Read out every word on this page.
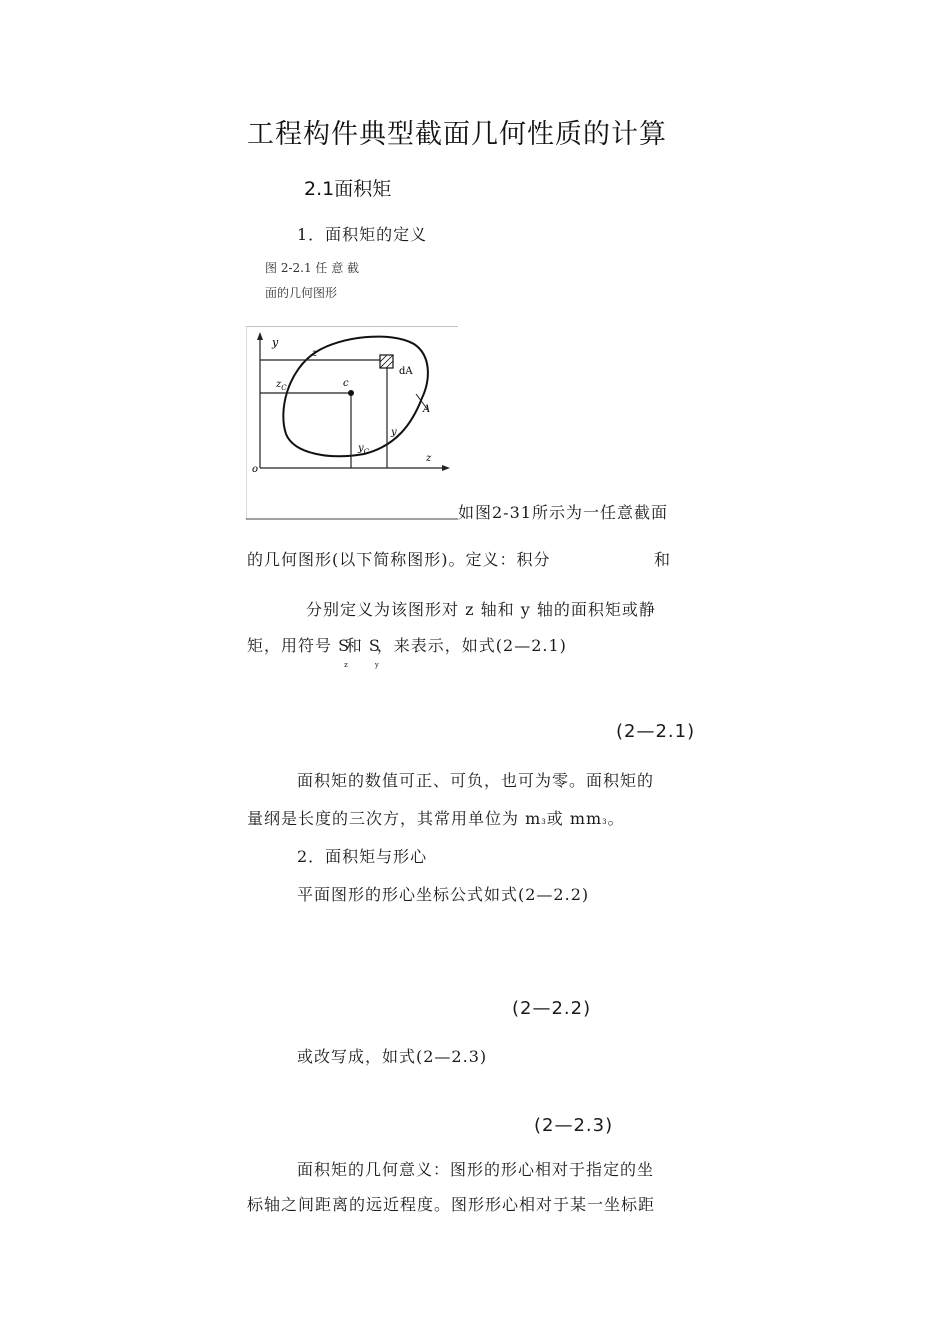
工程构件典型截面几何性质的计算
2.1面积矩
1．面积矩的定义
图 2-2.1 任 意 截
面的几何图形
y
z
$z_C$	c
dA
A
y
$y_C$
o
z
如图2-31所示为一任意截面
的几何图形(以下简称图形)。定义：积分	和
分别定义为该图形对 z 轴和 y 轴的面积矩或静
矩，用符号 $S_z$和 $S_y$，来表示，如式(2—2.1)
(2—2.1)
面积矩的数值可正、可负，也可为零。面积矩的
量纲是长度的三次方，其常用单位为 m3或 mm3。
2．面积矩与形心
平面图形的形心坐标公式如式(2—2.2)
(2—2.2)
或改写成，如式(2—2.3)
(2—2.3)
面积矩的几何意义：图形的形心相对于指定的坐
标轴之间距离的远近程度。图形形心相对于某一坐标距
